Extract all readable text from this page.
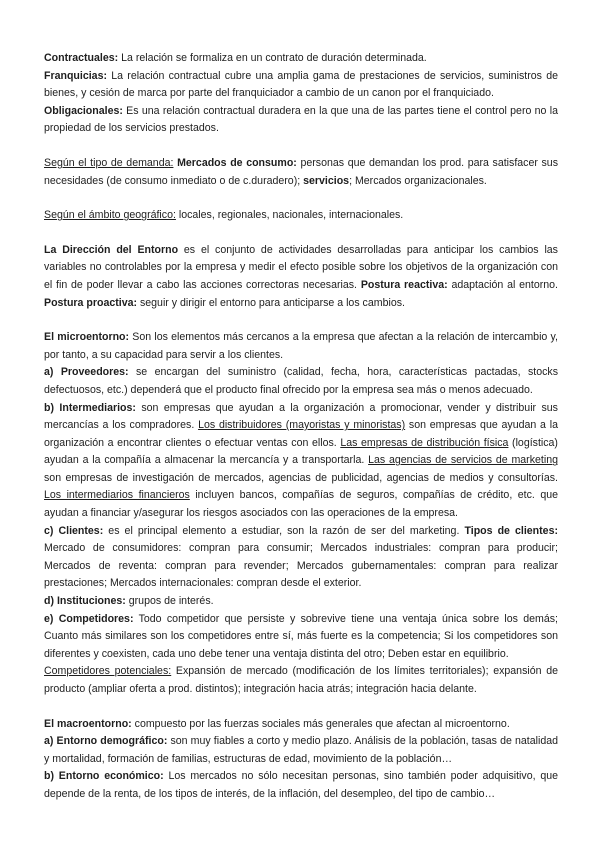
Contractuales: La relación se formaliza en un contrato de duración determinada.

Franquicias: La relación contractual cubre una amplia gama de prestaciones de servicios, suministros de bienes, y cesión de marca por parte del franquiciador a cambio de un canon por el franquiciado.

Obligacionales: Es una relación contractual duradera en la que una de las partes tiene el control pero no la propiedad de los servicios prestados.

Según el tipo de demanda: Mercados de consumo: personas que demandan los prod. para satisfacer sus necesidades (de consumo inmediato o de c.duradero); servicios; Mercados organizacionales.

Según el ámbito geográfico: locales, regionales, nacionales, internacionales.

La Dirección del Entorno es el conjunto de actividades desarrolladas para anticipar los cambios las variables no controlables por la empresa y medir el efecto posible sobre los objetivos de la organización con el fin de poder llevar a cabo las acciones correctoras necesarias. Postura reactiva: adaptación al entorno. Postura proactiva: seguir y dirigir el entorno para anticiparse a los cambios.

El microentorno: Son los elementos más cercanos a la empresa que afectan a la relación de intercambio y, por tanto, a su capacidad para servir a los clientes.

a) Proveedores: se encargan del suministro (calidad, fecha, hora, características pactadas, stocks defectuosos, etc.) dependerá que el producto final ofrecido por la empresa sea más o menos adecuado.

b) Intermediarios: son empresas que ayudan a la organización a promocionar, vender y distribuir sus mercancías a los compradores. Los distribuidores (mayoristas y minoristas) son empresas que ayudan a la organización a encontrar clientes o efectuar ventas con ellos. Las empresas de distribución física (logística) ayudan a la compañía a almacenar la mercancía y a transportarla. Las agencias de servicios de marketing son empresas de investigación de mercados, agencias de publicidad, agencias de medios y consultorías. Los intermediarios financieros incluyen bancos, compañías de seguros, compañías de crédito, etc. que ayudan a financiar y/asegurar los riesgos asociados con las operaciones de la empresa.

c) Clientes: es el principal elemento a estudiar, son la razón de ser del marketing. Tipos de clientes: Mercado de consumidores: compran para consumir; Mercados industriales: compran para producir; Mercados de reventa: compran para revender; Mercados gubernamentales: compran para realizar prestaciones; Mercados internacionales: compran desde el exterior.

d) Instituciones: grupos de interés.

e) Competidores: Todo competidor que persiste y sobrevive tiene una ventaja única sobre los demás; Cuanto más similares son los competidores entre sí, más fuerte es la competencia; Si los competidores son diferentes y coexisten, cada uno debe tener una ventaja distinta del otro; Deben estar en equilibrio.

Competidores potenciales: Expansión de mercado (modificación de los límites territoriales); expansión de producto (ampliar oferta a prod. distintos); integración hacia atrás; integración hacia delante.

El macroentorno: compuesto por las fuerzas sociales más generales que afectan al microentorno.

a) Entorno demográfico: son muy fiables a corto y medio plazo. Análisis de la población, tasas de natalidad y mortalidad, formación de familias, estructuras de edad, movimiento de la población…

b) Entorno económico: Los mercados no sólo necesitan personas, sino también poder adquisitivo, que depende de la renta, de los tipos de interés, de la inflación, del desempleo, del tipo de cambio…
